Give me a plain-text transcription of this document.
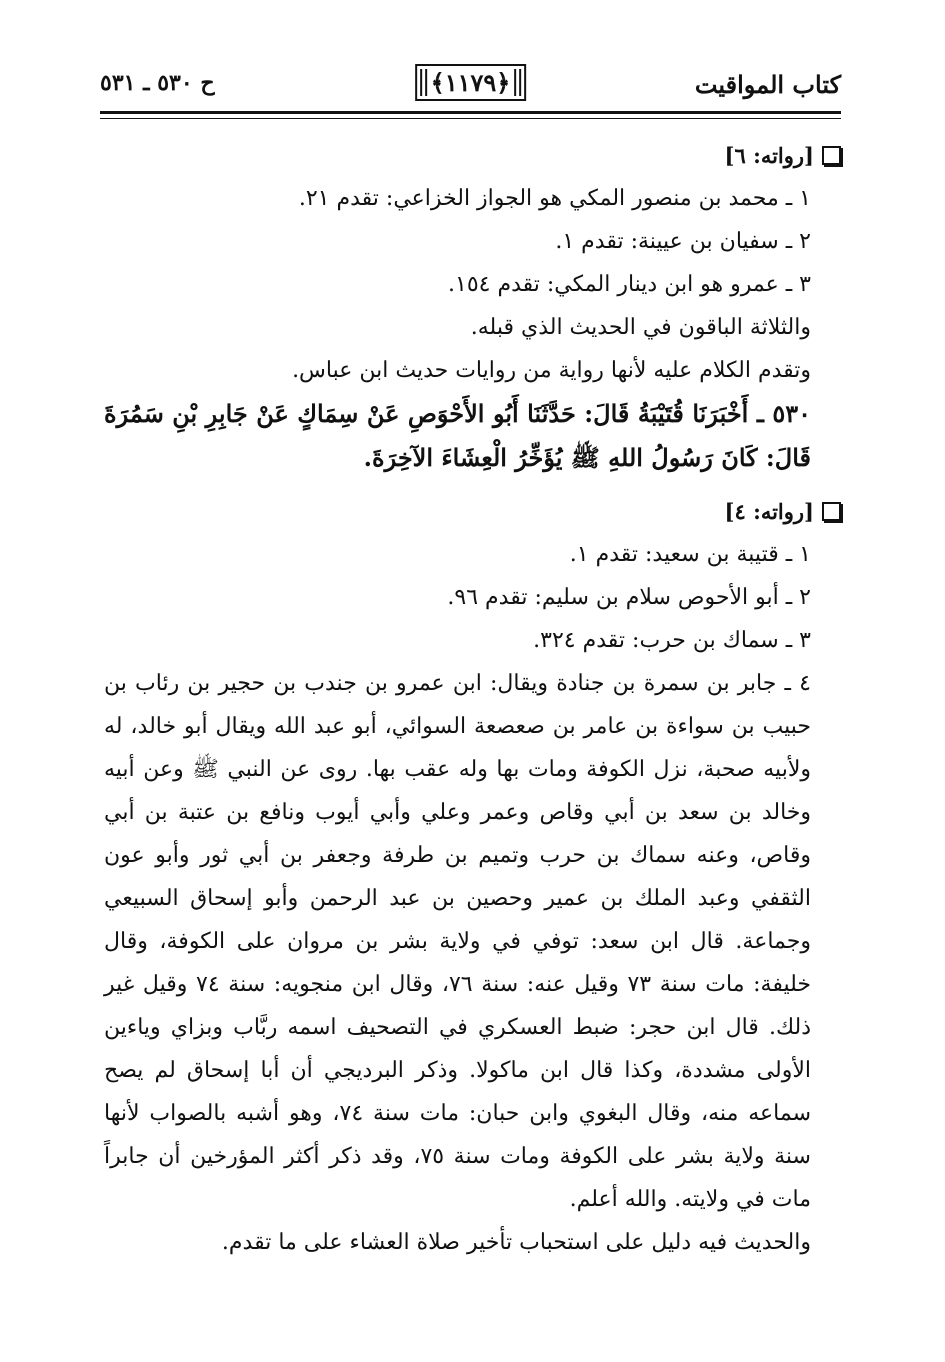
كتاب المواقيت
﴿١١٧٩﴾
ح ٥٣٠ ـ ٥٣١
[رواته: ٦]

١ ـ محمد بن منصور المكي هو الجواز الخزاعي: تقدم ٢١.

٢ ـ سفيان بن عيينة: تقدم ١.

٣ ـ عمرو هو ابن دينار المكي: تقدم ١٥٤.

والثلاثة الباقون في الحديث الذي قبله.

وتقدم الكلام عليه لأنها رواية من روايات حديث ابن عباس.

٥٣٠ ـ أَخْبَرَنَا قُتَيْبَةُ قَالَ: حَدَّثَنَا أَبُو الأَحْوَصِ عَنْ سِمَاكٍ عَنْ جَابِرِ بْنِ سَمُرَةَ قَالَ: كَانَ رَسُولُ اللهِ ﷺ يُؤَخِّرُ الْعِشَاءَ الآخِرَةَ.

[رواته: ٤]

١ ـ قتيبة بن سعيد: تقدم ١.

٢ ـ أبو الأحوص سلام بن سليم: تقدم ٩٦.

٣ ـ سماك بن حرب: تقدم ٣٢٤.

٤ ـ جابر بن سمرة بن جنادة ويقال: ابن عمرو بن جندب بن حجير بن رئاب بن حبيب بن سواءة بن عامر بن صعصعة السوائي، أبو عبد الله ويقال أبو خالد، له ولأبيه صحبة، نزل الكوفة ومات بها وله عقب بها. روى عن النبي ﷺ وعن أبيه وخالد بن سعد بن أبي وقاص وعمر وعلي وأبي أيوب ونافع بن عتبة بن أبي وقاص، وعنه سماك بن حرب وتميم بن طرفة وجعفر بن أبي ثور وأبو عون الثقفي وعبد الملك بن عمير وحصين بن عبد الرحمن وأبو إسحاق السبيعي وجماعة. قال ابن سعد: توفي في ولاية بشر بن مروان على الكوفة، وقال خليفة: مات سنة ٧٣ وقيل عنه: سنة ٧٦، وقال ابن منجويه: سنة ٧٤ وقيل غير ذلك. قال ابن حجر: ضبط العسكري في التصحيف اسمه ربَّاب وبزاي وياءين الأولى مشددة، وكذا قال ابن ماكولا. وذكر البرديجي أن أبا إسحاق لم يصح سماعه منه، وقال البغوي وابن حبان: مات سنة ٧٤، وهو أشبه بالصواب لأنها سنة ولاية بشر على الكوفة ومات سنة ٧٥، وقد ذكر أكثر المؤرخين أن جابراً مات في ولايته. والله أعلم.

والحديث فيه دليل على استحباب تأخير صلاة العشاء على ما تقدم.
